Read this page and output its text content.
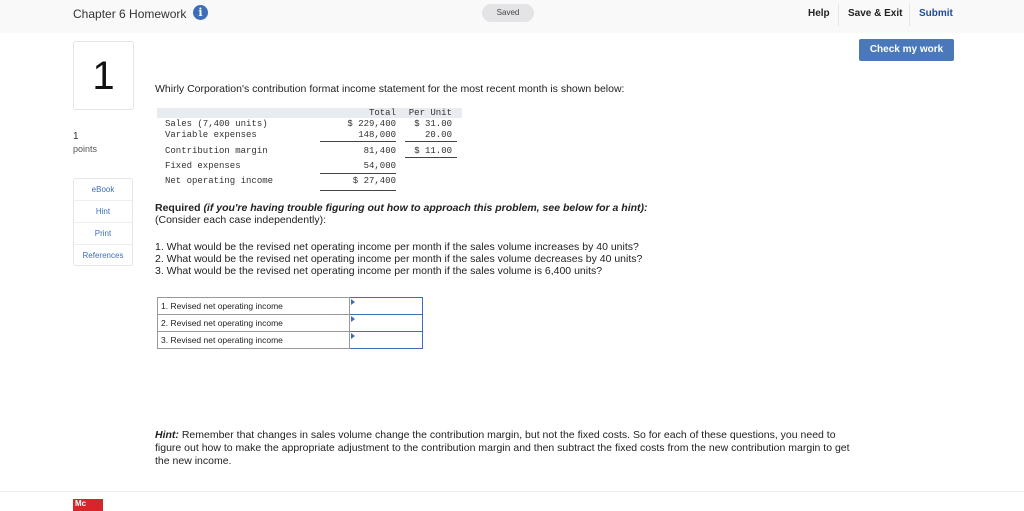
Chapter 6 Homework	i	Saved	Help Save & Exit Submit
Check my work
1
1
points
eBook
Hint
Print
References
Whirly Corporation's contribution format income statement for the most recent month is shown below:
Total Per Unit
Sales (7,400 units)	$ 229,400 $ 31.00
Variable expenses	148,000	20.00
Contribution margin	81,400 $ 11.00
Fixed expenses	54,000
Net operating income	$ 27,400
Required (if you're having trouble figuring out how to approach this problem, see below for a hint):
(Consider each case independently):
1. What would be the revised net operating income per month if the sales volume increases by 40 units?
2. What would be the revised net operating income per month if the sales volume decreases by 40 units?
3. What would be the revised net operating income per month if the sales volume is 6,400 units?
1. Revised net operating income	
2. Revised net operating income	
3. Revised net operating income	
Hint: Remember that changes in sales volume change the contribution margin, but not the fixed costs. So for each of these questions, you need to figure out how to make the appropriate adjustment to the contribution margin and then subtract the fixed costs from the new contribution margin to get the new income.
Mc
